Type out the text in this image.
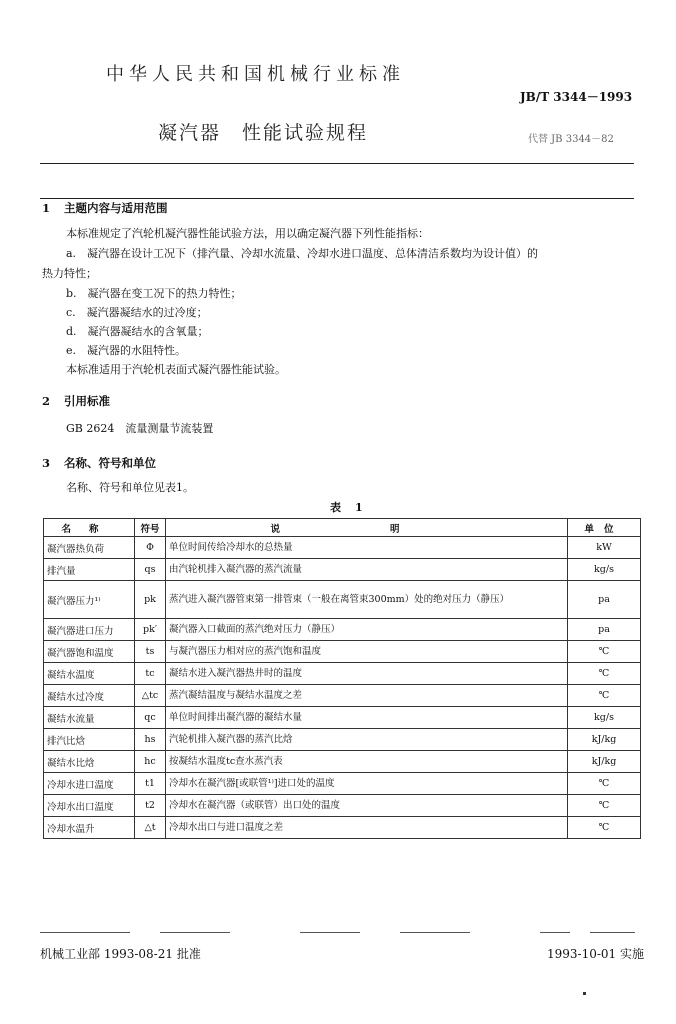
中华人民共和国机械行业标准
JB/T 3344－1993
凝汽器　性能试验规程	代替 JB 3344－82
1 主题内容与适用范围
本标准规定了汽轮机凝汽器性能试验方法，用以确定凝汽器下列性能指标：
a.　凝汽器在设计工况下（排汽量、冷却水流量、冷却水进口温度、总体清洁系数均为设计值）的
热力特性；
b.　凝汽器在变工况下的热力特性；
c.　凝汽器凝结水的过冷度；
d.　凝汽器凝结水的含氧量；
e.　凝汽器的水阻特性。
本标准适用于汽轮机表面式凝汽器性能试验。
2 引用标准
GB 2624　流量测量节流装置
3 名称、符号和单位
名称、符号和单位见表1。
表1
名称	符号	说明	单位
凝汽器热负荷	Φ	单位时间传给冷却水的总热量	kW
排汽量	qs	由汽轮机排入凝汽器的蒸汽流量	kg/s
凝汽器压力¹⁾	pk	蒸汽进入凝汽器管束第一排管束（一般在离管束300mm）处的绝对压力（静压）	pa
凝汽器进口压力	pk′	凝汽器入口截面的蒸汽绝对压力（静压）	pa
凝汽器饱和温度	ts	与凝汽器压力相对应的蒸汽饱和温度	℃
凝结水温度	tc	凝结水进入凝汽器热井时的温度	℃
凝结水过冷度	△tc	蒸汽凝结温度与凝结水温度之差	℃
凝结水流量	qc	单位时间排出凝汽器的凝结水量	kg/s
排汽比焓	hs	汽轮机排入凝汽器的蒸汽比焓	kJ/kg
凝结水比焓	hc	按凝结水温度tc查水蒸汽表	kJ/kg
冷却水进口温度	t1	冷却水在凝汽器[或联管¹⁾]进口处的温度	℃
冷却水出口温度	t2	冷却水在凝汽器（或联管）出口处的温度	℃
冷却水温升	△t	冷却水出口与进口温度之差	℃
机械工业部 1993-08-21 批准	1993-10-01 实施
